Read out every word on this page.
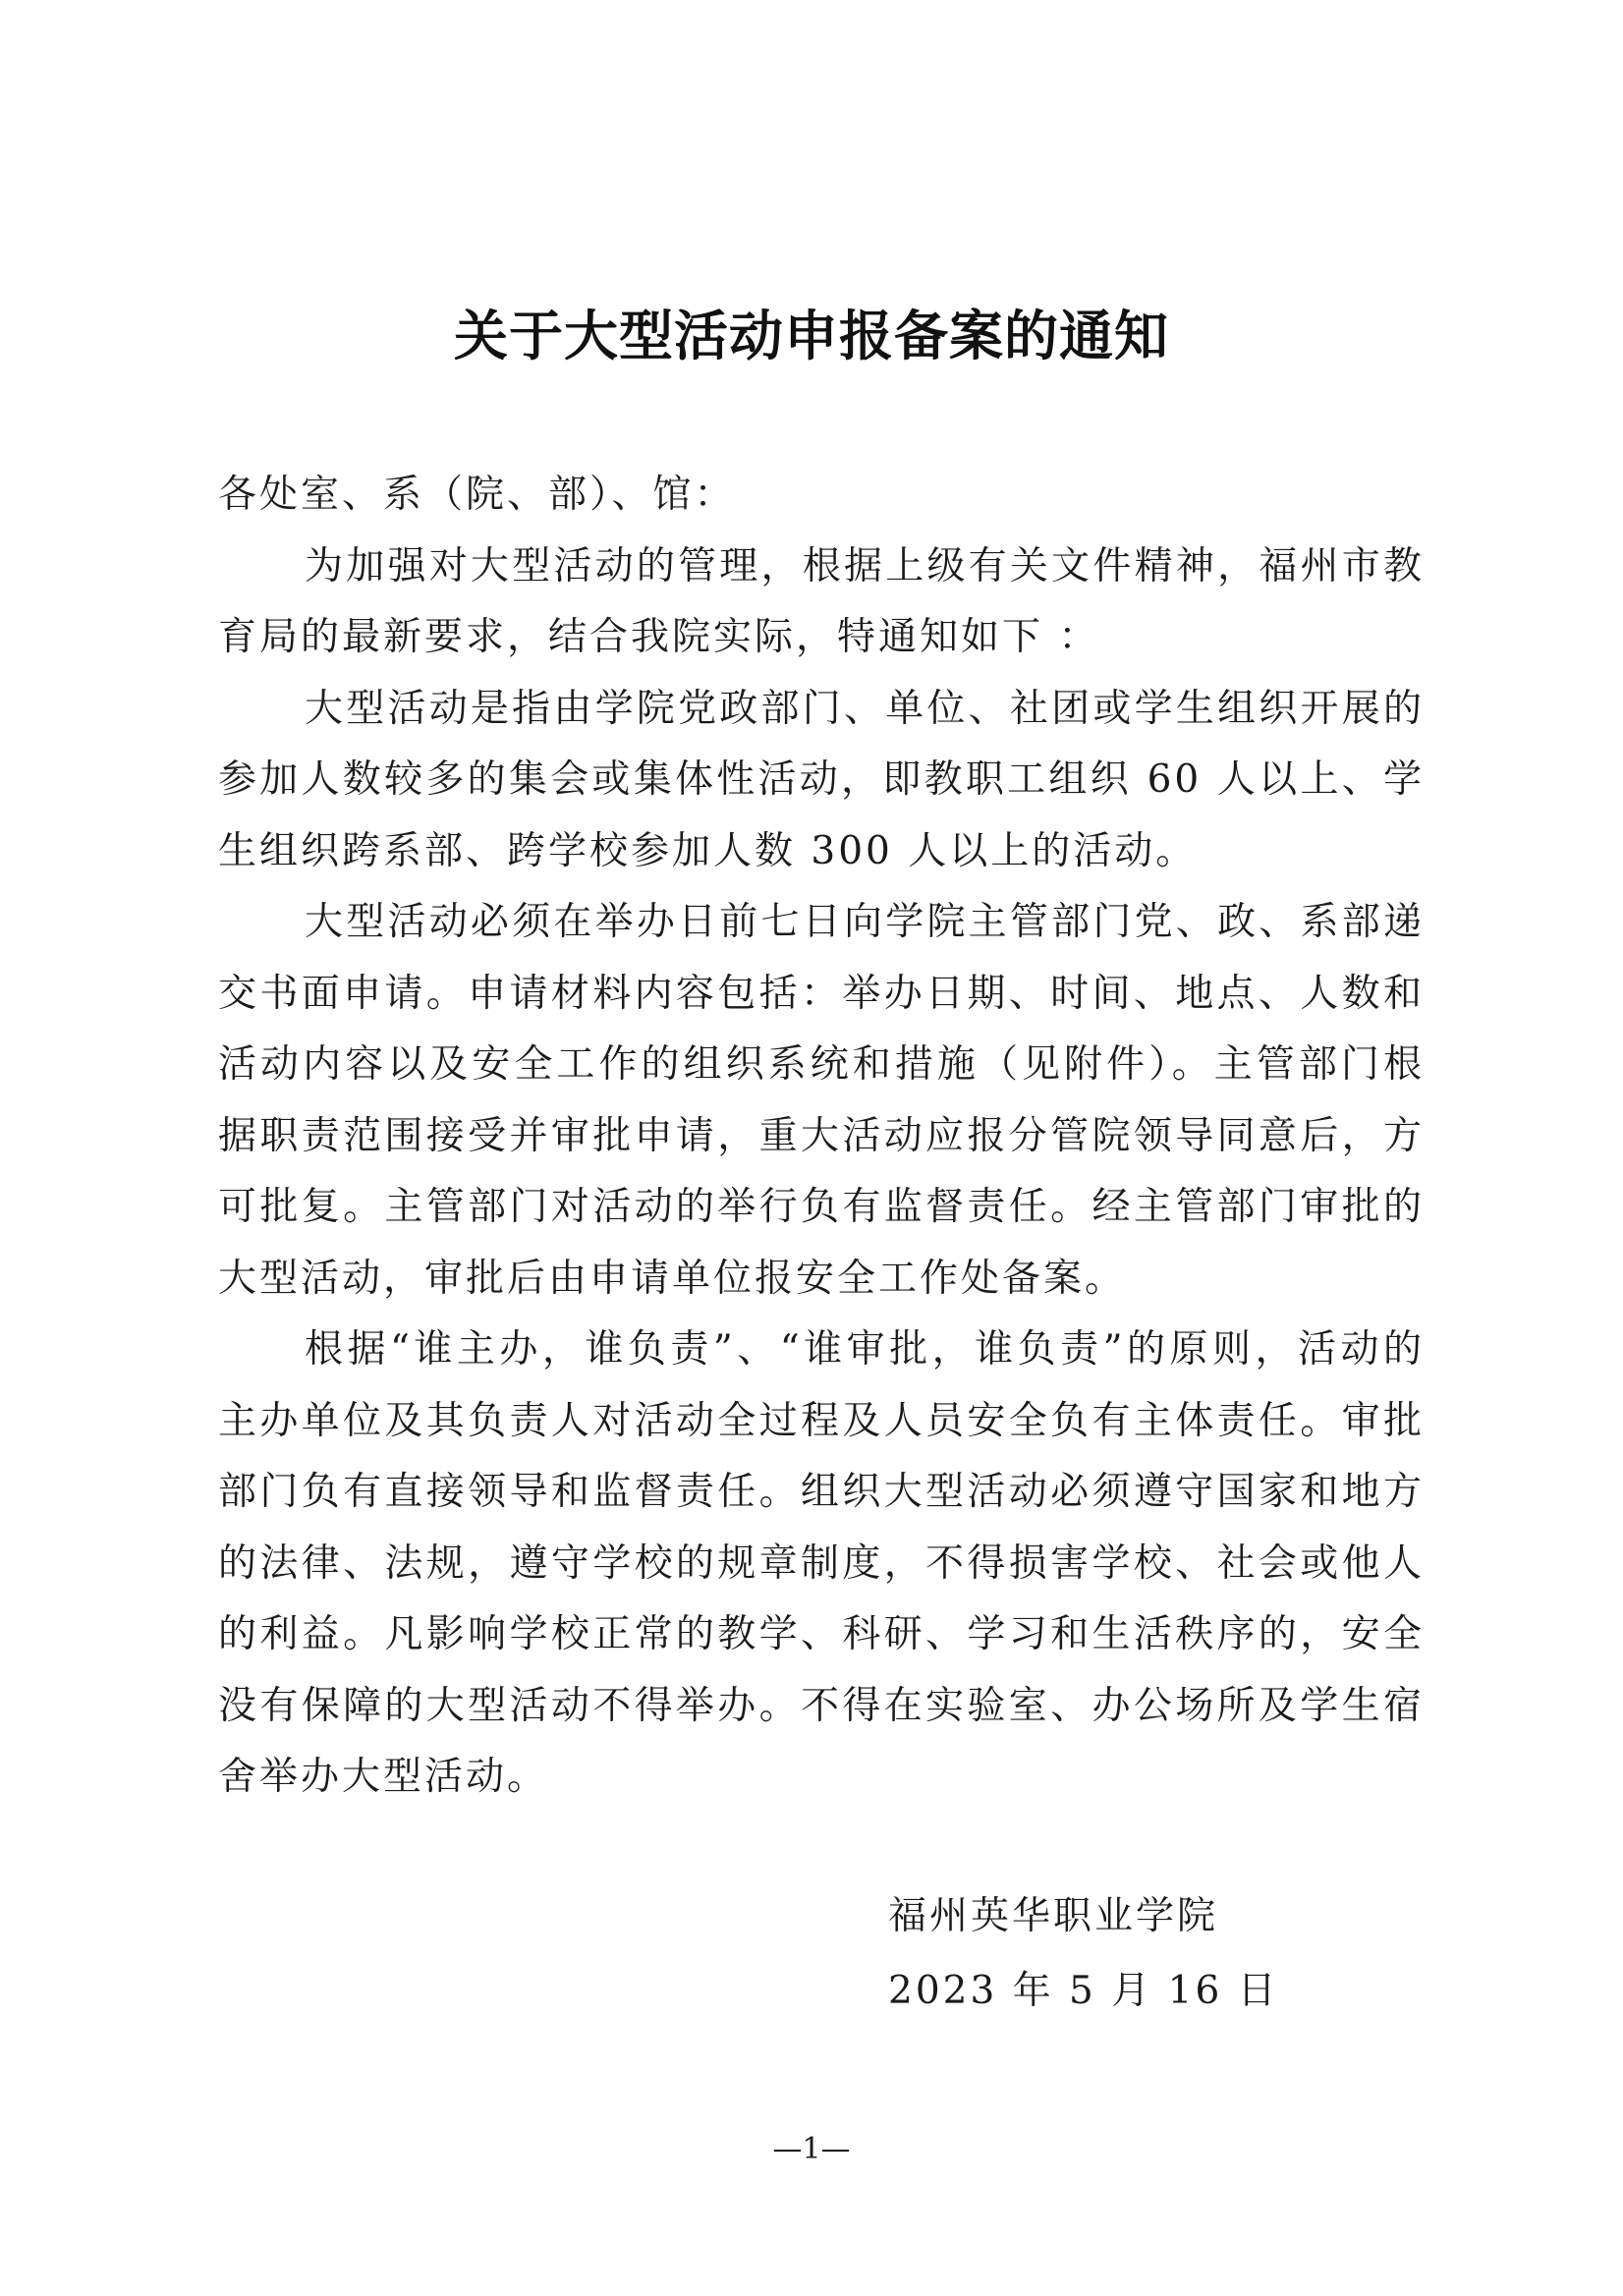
关于大型活动申报备案的通知

各处室、系（院、部）、馆：

为加强对大型活动的管理，根据上级有关文件精神，福州市教育局的最新要求，结合我院实际，特通知如下 ：

大型活动是指由学院党政部门、单位、社团或学生组织开展的参加人数较多的集会或集体性活动，即教职工组织 60 人以上、学生组织跨系部、跨学校参加人数 300 人以上的活动。

大型活动必须在举办日前七日向学院主管部门党、政、系部递交书面申请。申请材料内容包括：举办日期、时间、地点、人数和活动内容以及安全工作的组织系统和措施（见附件）。主管部门根据职责范围接受并审批申请，重大活动应报分管院领导同意后，方可批复。主管部门对活动的举行负有监督责任。经主管部门审批的大型活动，审批后由申请单位报安全工作处备案。

根据“谁主办，谁负责”、“谁审批，谁负责”的原则，活动的主办单位及其负责人对活动全过程及人员安全负有主体责任。审批部门负有直接领导和监督责任。组织大型活动必须遵守国家和地方的法律、法规，遵守学校的规章制度，不得损害学校、社会或他人的利益。凡影响学校正常的教学、科研、学习和生活秩序的，安全没有保障的大型活动不得举办。不得在实验室、办公场所及学生宿舍举办大型活动。

福州英华职业学院
2023 年 5 月 16 日
—1—
